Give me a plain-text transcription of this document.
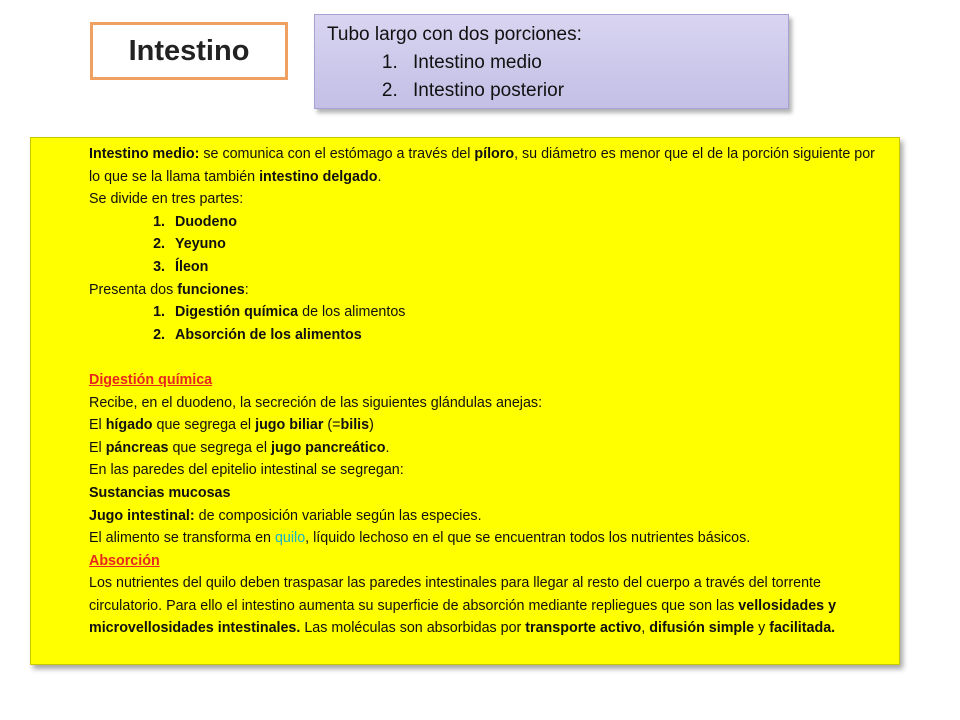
Intestino	Tubo largo con dos porciones:
1. Intestino medio
2. Intestino posterior

Intestino medio: se comunica con el estómago a través del píloro, su diámetro es menor que el de la porción siguiente por lo que se la llama también intestino delgado.

Se divide en tres partes:

1. Duodeno
2. Yeyuno
3. Íleon

Presenta dos funciones:

1. Digestión química de los alimentos
2. Absorción de los alimentos

Digestión química

Recibe, en el duodeno, la secreción de las siguientes glándulas anejas:

El hígado que segrega el jugo biliar (=bilis)

El páncreas que segrega el jugo pancreático.

En las paredes del epitelio intestinal se segregan:

Sustancias mucosas

Jugo intestinal: de composición variable según las especies.

El alimento se transforma en quilo, líquido lechoso en el que se encuentran todos los nutrientes básicos.

Absorción

Los nutrientes del quilo deben traspasar las paredes intestinales para llegar al resto del cuerpo a través del torrente circulatorio. Para ello el intestino aumenta su superficie de absorción mediante repliegues que son las vellosidades y microvellosidades intestinales. Las moléculas son absorbidas por transporte activo, difusión simple y facilitada.
